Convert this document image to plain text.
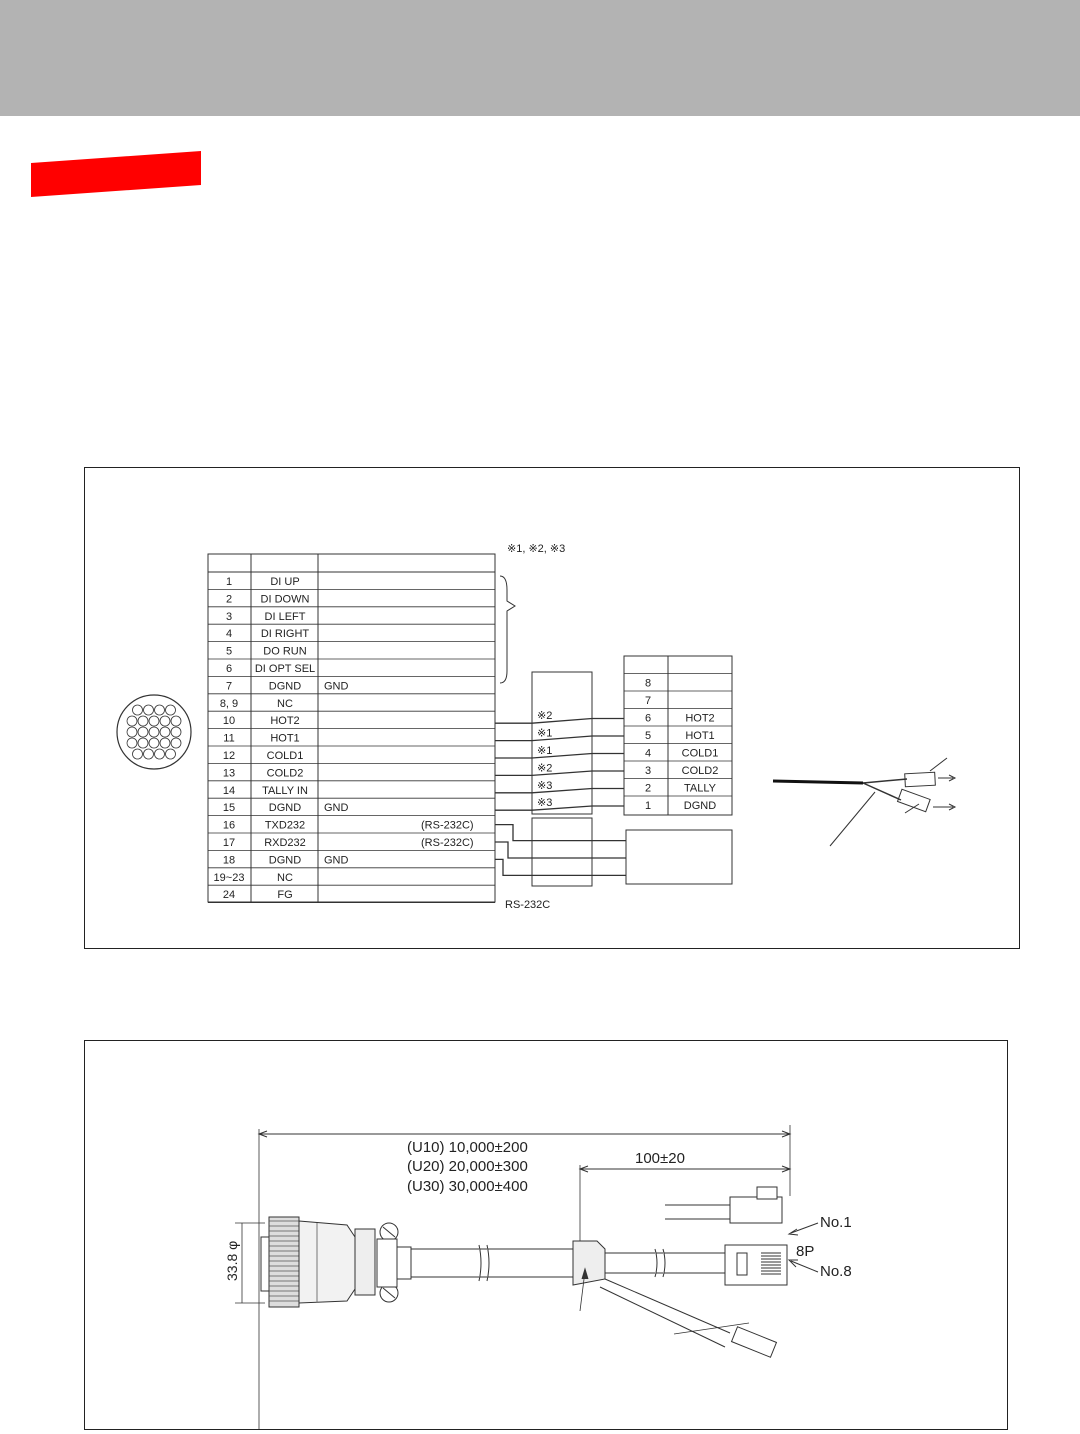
1	DI UP
2	DI DOWN
3	DI LEFT
4	DI RIGHT
5	DO RUN
6 DI OPT SEL
7	DGND GND
8, 9	NC
10	HOT2
11	HOT1
12	COLD1
13	COLD2
14 TALLY IN
15	DGND GND
16	TXD232	(RS-232C)
17	RXD232	(RS-232C)
18	DGND GND
19~23	NC
24	FG
※1, ※2, ※3
RS-232C
※2
※1
※1
※2
※3
※3
8
7
6	HOT2
5	HOT1
4	COLD1
3	COLD2
2	TALLY
1	DGND
(U10) 10,000±200
(U20) 20,000±300
(U30) 30,000±400
100±20
33.8 φ
No.1
8P
No.8
